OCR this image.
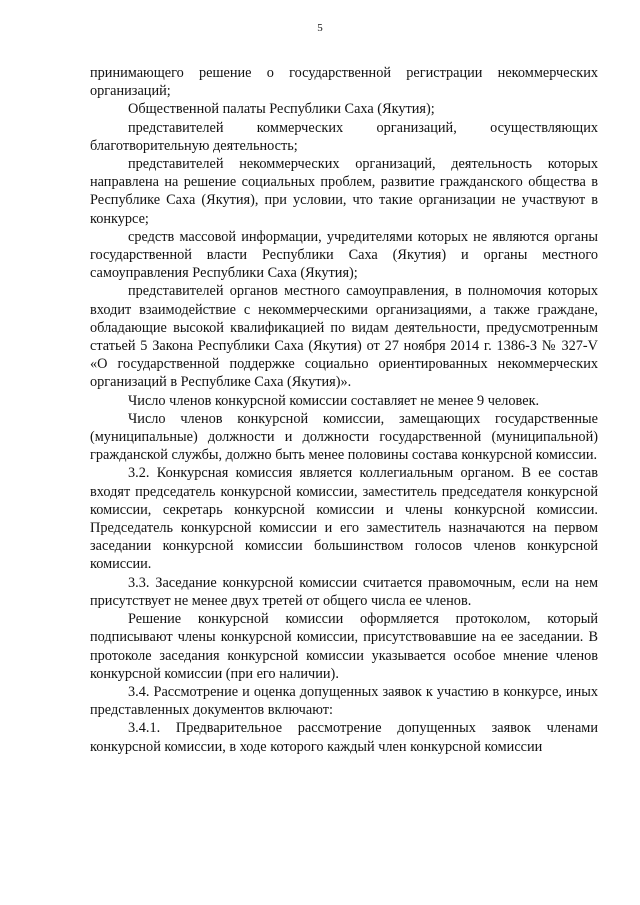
5

принимающего решение о государственной регистрации некоммерческих организаций;

Общественной палаты Республики Саха (Якутия);

представителей коммерческих организаций, осуществляющих благотворительную деятельность;

представителей некоммерческих организаций, деятельность которых направлена на решение социальных проблем, развитие гражданского общества в Республике Саха (Якутия), при условии, что такие организации не участвуют в конкурсе;

средств массовой информации, учредителями которых не являются органы государственной власти Республики Саха (Якутия) и органы местного самоуправления Республики Саха (Якутия);

представителей органов местного самоуправления, в полномочия которых входит взаимодействие с некоммерческими организациями, а также граждане, обладающие высокой квалификацией по видам деятельности, предусмотренным статьей 5 Закона Республики Саха (Якутия) от 27 ноября 2014 г. 1386-З № 327-V «О государственной поддержке социально ориентированных некоммерческих организаций в Республике Саха (Якутия)».

Число членов конкурсной комиссии составляет не менее 9 человек.

Число членов конкурсной комиссии, замещающих государственные (муниципальные) должности и должности государственной (муниципальной) гражданской службы, должно быть менее половины состава конкурсной комиссии.

3.2. Конкурсная комиссия является коллегиальным органом. В ее состав входят председатель конкурсной комиссии, заместитель председателя конкурсной комиссии, секретарь конкурсной комиссии и члены конкурсной комиссии. Председатель конкурсной комиссии и его заместитель назначаются на первом заседании конкурсной комиссии большинством голосов членов конкурсной комиссии.

3.3. Заседание конкурсной комиссии считается правомочным, если на нем присутствует не менее двух третей от общего числа ее членов.

Решение конкурсной комиссии оформляется протоколом, который подписывают члены конкурсной комиссии, присутствовавшие на ее заседании. В протоколе заседания конкурсной комиссии указывается особое мнение членов конкурсной комиссии (при его наличии).

3.4. Рассмотрение и оценка допущенных заявок к участию в конкурсе, иных представленных документов включают:

3.4.1. Предварительное рассмотрение допущенных заявок членами конкурсной комиссии, в ходе которого каждый член конкурсной комиссии
